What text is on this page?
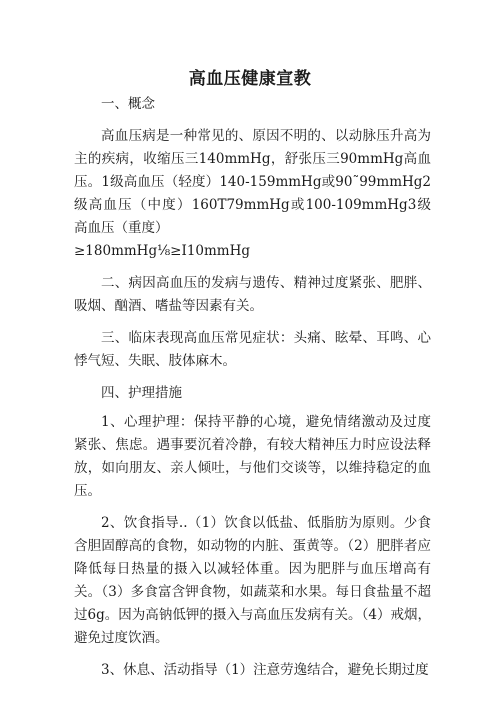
高血压健康宣教

一、概念

高血压病是一种常见的、原因不明的、以动脉压升高为主的疾病，收缩压三140mmHg，舒张压三90mmHg高血压。1级高血压（轻度）140-159mmHg或90˜99mmHg2级高血压（中度）160T79mmHg或100-109mmHg3级高血压（重度）

≥180mmHg⅛≥I10mmHg

二、病因高血压的发病与遗传、精神过度紧张、肥胖、吸烟、酗酒、嗜盐等因素有关。

三、临床表现高血压常见症状：头痛、眩晕、耳鸣、心悸气短、失眠、肢体麻木。

四、护理措施

1、心理护理：保持平静的心境，避免情绪激动及过度紧张、焦虑。遇事要沉着冷静，有较大精神压力时应设法释放，如向朋友、亲人倾吐，与他们交谈等，以维持稳定的血压。

2、饮食指导..（1）饮食以低盐、低脂肪为原则。少食含胆固醇高的食物，如动物的内脏、蛋黄等。（2）肥胖者应降低每日热量的摄入以减轻体重。因为肥胖与血压增高有关。（3）多食富含钾食物，如蔬菜和水果。每日食盐量不超过6g。因为高钠低钾的摄入与高血压发病有关。（4）戒烟，避免过度饮酒。

3、休息、活动指导（1）注意劳逸结合，避免长期过度
